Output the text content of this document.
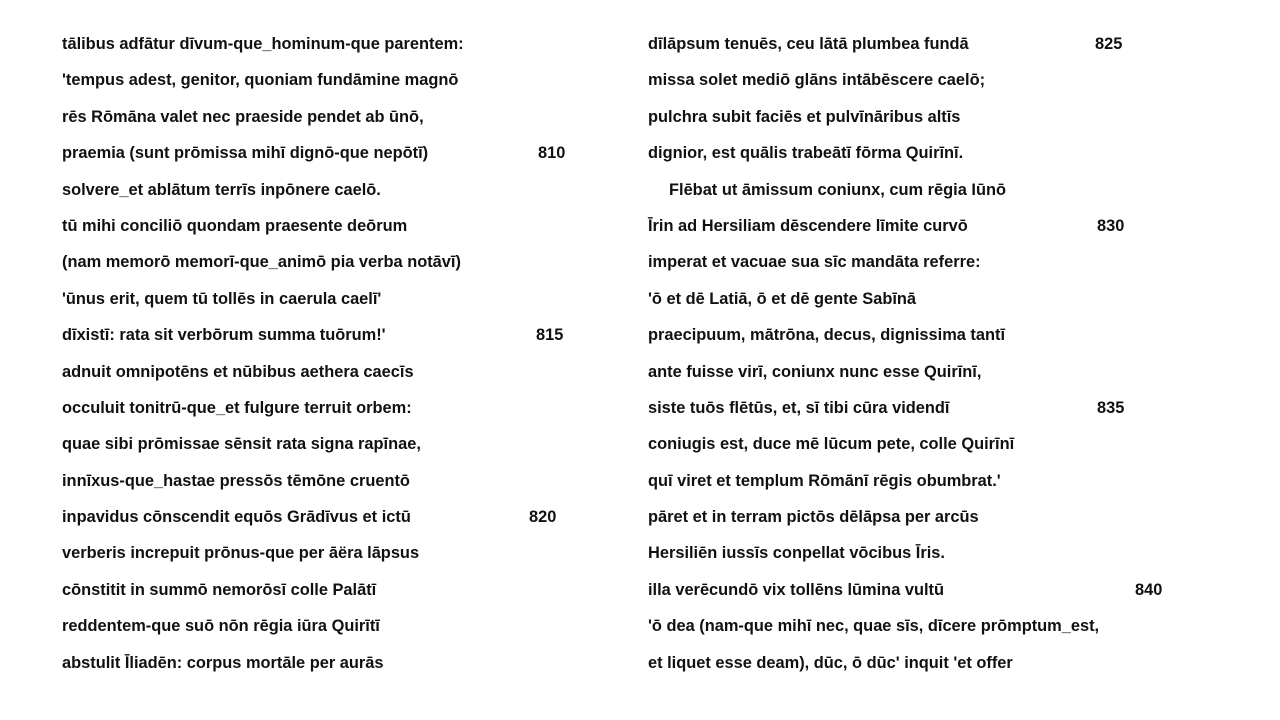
tālibus adfātur dīvum-que_hominum-que parentem:
'tempus adest, genitor, quoniam fundāmine magnō
rēs Rōmāna valet nec praeside pendet ab ūnō,
praemia (sunt prōmissa mihī dignō-que nepōtī)	810
solvere_et ablātum terrīs inpōnere caelō.
tū mihi conciliō quondam praesente deōrum
(nam memorō memorī-que_animō pia verba notāvī)
'ūnus erit, quem tū tollēs in caerula caelī'
dīxistī: rata sit verbōrum summa tuōrum!'	815
adnuit omnipotēns et nūbibus aethera caecīs
occuluit tonitrū-que_et fulgure terruit orbem:
quae sibi prōmissae sēnsit rata signa rapīnae,
innīxus-que_hastae pressōs tēmōne cruentō
inpavidus cōnscendit equōs Grādīvus et ictū	820
verberis increpuit prōnus-que per āëra lāpsus
cōnstitit in summō nemorōsī colle Palātī
reddentem-que suō nōn rēgia iūra Quirītī
abstulit Īliadēn: corpus mortāle per aurās
dīlāpsum tenuēs, ceu lātā plumbea fundā	825
missa solet mediō glāns intābēscere caelō;
pulchra subit faciēs et pulvīnāribus altīs
dignior, est quālis trabeātī fōrma Quirīnī.
Flēbat ut āmissum coniunx, cum rēgia Iūnō
Īrin ad Hersiliam dēscendere līmite curvō	830
imperat et vacuae sua sīc mandāta referre:
'ō et dē Latiā, ō et dē gente Sabīnā
praecipuum, mātrōna, decus, dignissima tantī
ante fuisse virī, coniunx nunc esse Quirīnī,
siste tuōs flētūs, et, sī tibi cūra videndī	835
coniugis est, duce mē lūcum pete, colle Quirīnī
quī viret et templum Rōmānī rēgis obumbrat.'
pāret et in terram pictōs dēlāpsa per arcūs
Hersiliēn iussīs conpellat vōcibus Īris.
illa verēcundō vix tollēns lūmina vultū	840
'ō dea (nam-que mihī nec, quae sīs, dīcere prōmptum_est,
et liquet esse deam), dūc, ō dūc' inquit 'et offer
